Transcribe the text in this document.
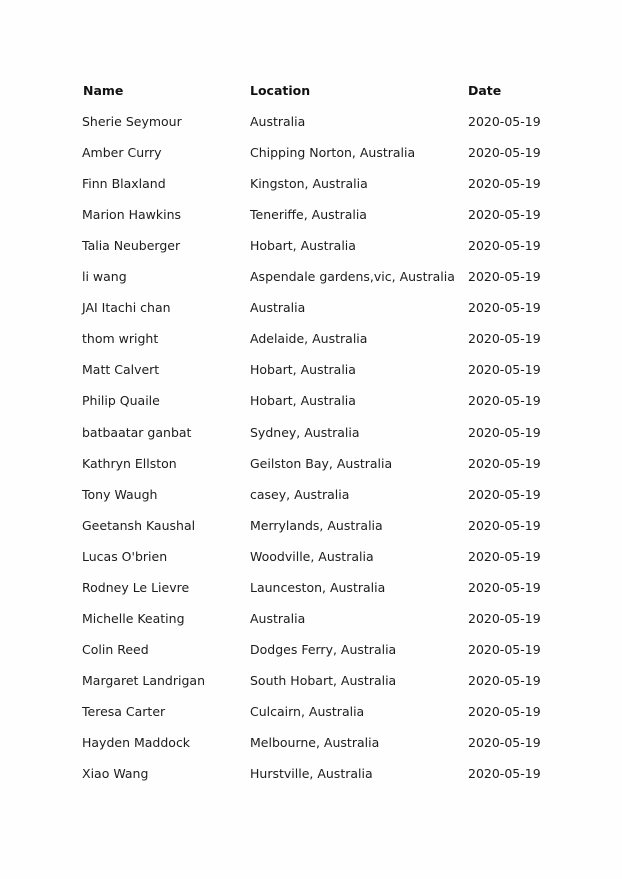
Name	Location	Date
Sherie Seymour	Australia	2020-05-19
Amber Curry	Chipping Norton, Australia	2020-05-19
Finn Blaxland	Kingston, Australia	2020-05-19
Marion Hawkins	Teneriffe, Australia	2020-05-19
Talia Neuberger	Hobart, Australia	2020-05-19
li wang	Aspendale gardens,vic, Australia 2020-05-19
JAI Itachi chan	Australia	2020-05-19
thom wright	Adelaide, Australia	2020-05-19
Matt Calvert	Hobart, Australia	2020-05-19
Philip Quaile	Hobart, Australia	2020-05-19
batbaatar ganbat	Sydney, Australia	2020-05-19
Kathryn Ellston	Geilston Bay, Australia	2020-05-19
Tony Waugh	casey, Australia	2020-05-19
Geetansh Kaushal	Merrylands, Australia	2020-05-19
Lucas O'brien	Woodville, Australia	2020-05-19
Rodney Le Lievre	Launceston, Australia	2020-05-19
Michelle Keating	Australia	2020-05-19
Colin Reed	Dodges Ferry, Australia	2020-05-19
Margaret Landrigan	South Hobart, Australia	2020-05-19
Teresa Carter	Culcairn, Australia	2020-05-19
Hayden Maddock	Melbourne, Australia	2020-05-19
Xiao Wang	Hurstville, Australia	2020-05-19
